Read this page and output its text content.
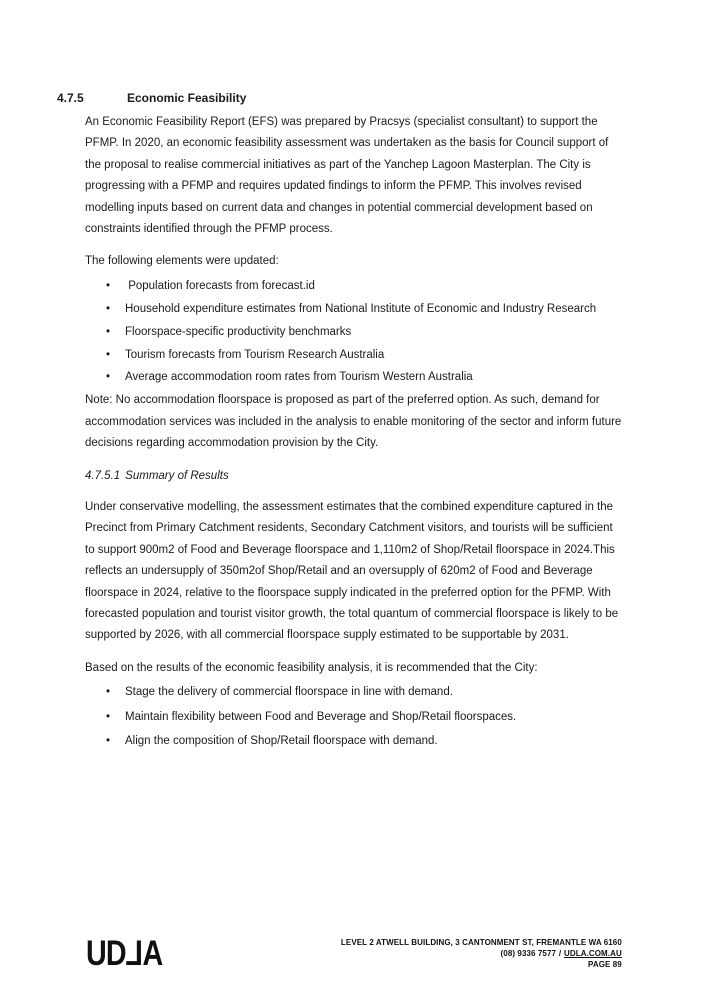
4.7.5	Economic Feasibility

An Economic Feasibility Report (EFS) was prepared by Pracsys (specialist consultant) to support the PFMP. In 2020, an economic feasibility assessment was undertaken as the basis for Council support of the proposal to realise commercial initiatives as part of the Yanchep Lagoon Masterplan. The City is progressing with a PFMP and requires updated findings to inform the PFMP. This involves revised modelling inputs based on current data and changes in potential commercial development based on constraints identified through the PFMP process.

The following elements were updated:

•  Population forecasts from forecast.id
• Household expenditure estimates from National Institute of Economic and Industry Research
• Floorspace-specific productivity benchmarks
• Tourism forecasts from Tourism Research Australia
• Average accommodation room rates from Tourism Western Australia

Note: No accommodation floorspace is proposed as part of the preferred option. As such, demand for accommodation services was included in the analysis to enable monitoring of the sector and inform future decisions regarding accommodation provision by the City.

4.7.5.1 Summary of Results

Under conservative modelling, the assessment estimates that the combined expenditure captured in the Precinct from Primary Catchment residents, Secondary Catchment visitors, and tourists will be sufficient to support 900m2 of Food and Beverage floorspace and 1,110m2 of Shop/Retail floorspace in 2024.This reflects an undersupply of 350m2of Shop/Retail and an oversupply of 620m2 of Food and Beverage floorspace in 2024, relative to the floorspace supply indicated in the preferred option for the PFMP. With forecasted population and tourist visitor growth, the total quantum of commercial floorspace is likely to be supported by 2026, with all commercial floorspace supply estimated to be supportable by 2031.

Based on the results of the economic feasibility analysis, it is recommended that the City:

• Stage the delivery of commercial floorspace in line with demand.
• Maintain flexibility between Food and Beverage and Shop/Retail floorspaces.
• Align the composition of Shop/Retail floorspace with demand.
UDLA	LEVEL 2 ATWELL BUILDING, 3 CANTONMENT ST, FREMANTLE WA 6160
(08) 9336 7577 / UDLA.COM.AU
PAGE 89
